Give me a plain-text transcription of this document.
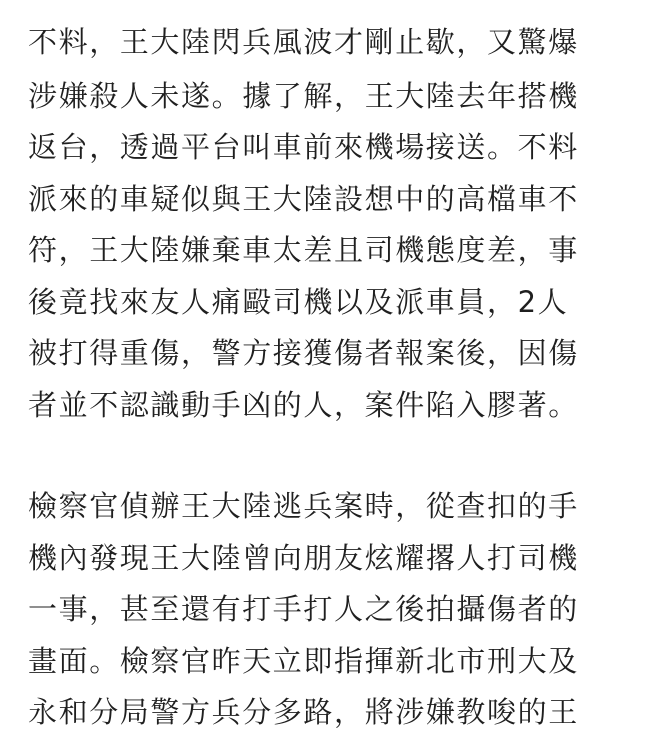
不料，王大陸閃兵風波才剛止歇，又驚爆
涉嫌殺人未遂。據了解，王大陸去年搭機
返台，透過平台叫車前來機場接送。不料
派來的車疑似與王大陸設想中的高檔車不
符，王大陸嫌棄車太差且司機態度差，事
後竟找來友人痛毆司機以及派車員，2人
被打得重傷，警方接獲傷者報案後，因傷
者並不認識動手凶的人，案件陷入膠著。
檢察官偵辦王大陸逃兵案時，從查扣的手
機內發現王大陸曾向朋友炫耀撂人打司機
一事，甚至還有打手打人之後拍攝傷者的
畫面。檢察官昨天立即指揮新北市刑大及
永和分局警方兵分多路，將涉嫌教唆的王
